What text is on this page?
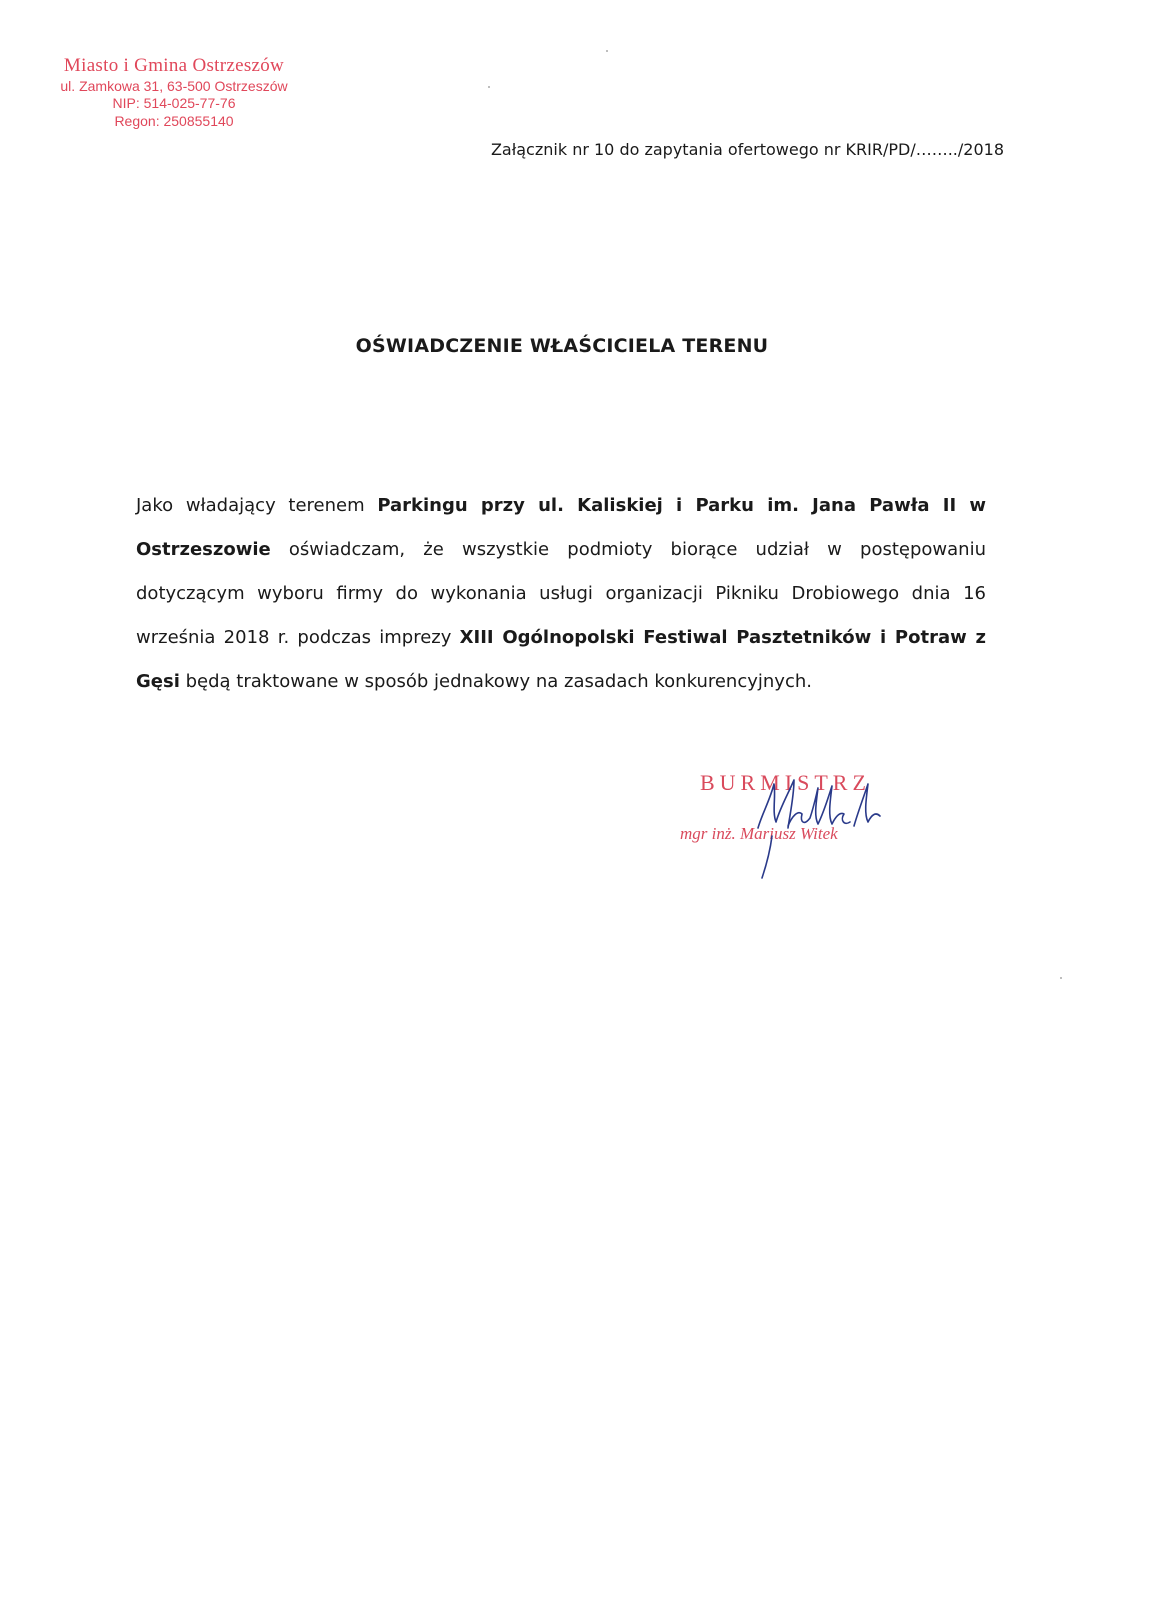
Miasto i Gmina Ostrzeszów
ul. Zamkowa 31, 63-500 Ostrzeszów
NIP: 514-025-77-76
Regon: 250855140
Załącznik nr 10 do zapytania ofertowego nr KRIR/PD/……../2018
OŚWIADCZENIE WŁAŚCICIELA TERENU
Jako władający terenem Parkingu przy ul. Kaliskiej i Parku im. Jana Pawła II w Ostrzeszowie oświadczam, że wszystkie podmioty biorące udział w postępowaniu dotyczącym wyboru firmy do wykonania usługi organizacji Pikniku Drobiowego dnia 16 września 2018 r. podczas imprezy XIII Ogólnopolski Festiwal Pasztetników i Potraw z Gęsi będą traktowane w sposób jednakowy na zasadach konkurencyjnych.
BURMISTRZ
mgr inż. Mariusz Witek
